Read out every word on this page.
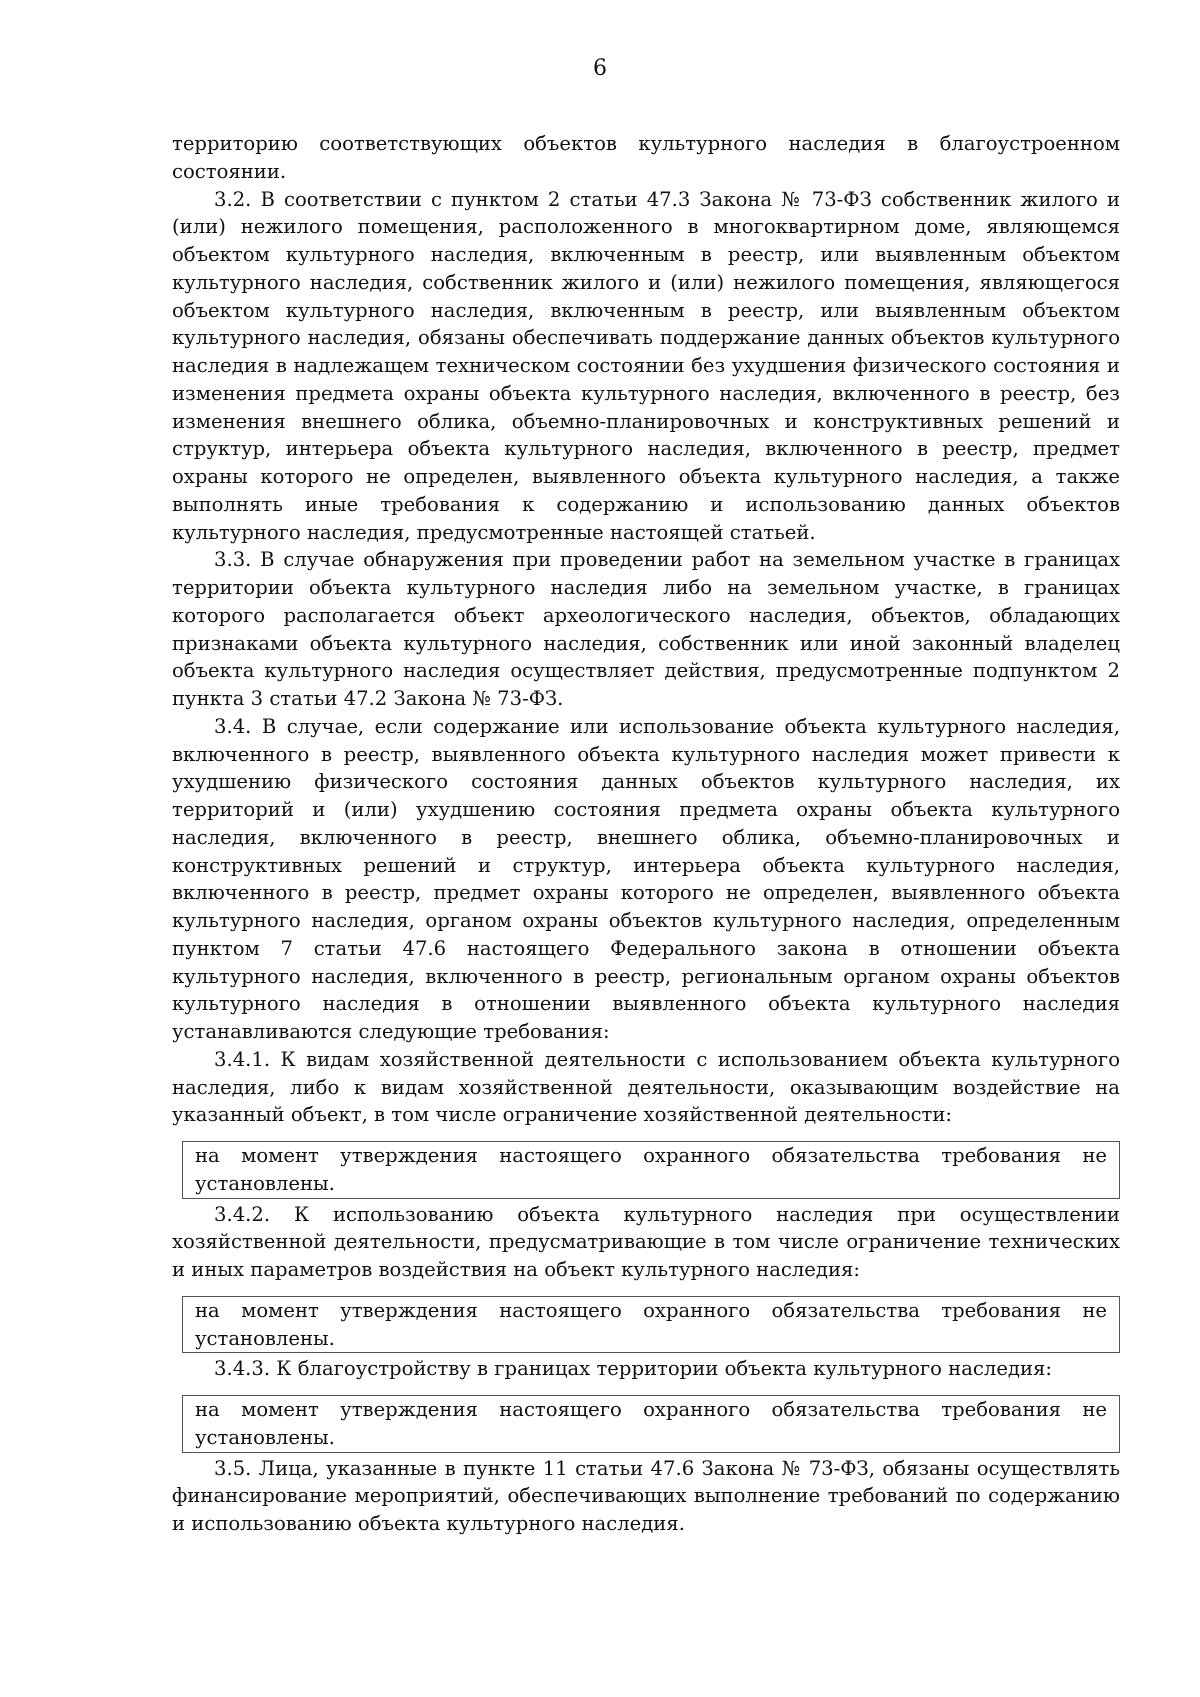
6

территорию соответствующих объектов культурного наследия в благоустроенном состоянии.

3.2. В соответствии с пунктом 2 статьи 47.3 Закона № 73-ФЗ собственник жилого и (или) нежилого помещения, расположенного в многоквартирном доме, являющемся объектом культурного наследия, включенным в реестр, или выявленным объектом культурного наследия, собственник жилого и (или) нежилого помещения, являющегося объектом культурного наследия, включенным в реестр, или выявленным объектом культурного наследия, обязаны обеспечивать поддержание данных объектов культурного наследия в надлежащем техническом состоянии без ухудшения физического состояния и изменения предмета охраны объекта культурного наследия, включенного в реестр, без изменения внешнего облика, объемно-планировочных и конструктивных решений и структур, интерьера объекта культурного наследия, включенного в реестр, предмет охраны которого не определен, выявленного объекта культурного наследия, а также выполнять иные требования к содержанию и использованию данных объектов культурного наследия, предусмотренные настоящей статьей.

3.3. В случае обнаружения при проведении работ на земельном участке в границах территории объекта культурного наследия либо на земельном участке, в границах которого располагается объект археологического наследия, объектов, обладающих признаками объекта культурного наследия, собственник или иной законный владелец объекта культурного наследия осуществляет действия, предусмотренные подпунктом 2 пункта 3 статьи 47.2 Закона № 73-ФЗ.

3.4. В случае, если содержание или использование объекта культурного наследия, включенного в реестр, выявленного объекта культурного наследия может привести к ухудшению физического состояния данных объектов культурного наследия, их территорий и (или) ухудшению состояния предмета охраны объекта культурного наследия, включенного в реестр, внешнего облика, объемно-планировочных и конструктивных решений и структур, интерьера объекта культурного наследия, включенного в реестр, предмет охраны которого не определен, выявленного объекта культурного наследия, органом охраны объектов культурного наследия, определенным пунктом 7 статьи 47.6 настоящего Федерального закона в отношении объекта культурного наследия, включенного в реестр, региональным органом охраны объектов культурного наследия в отношении выявленного объекта культурного наследия устанавливаются следующие требования:

3.4.1. К видам хозяйственной деятельности с использованием объекта культурного наследия, либо к видам хозяйственной деятельности, оказывающим воздействие на указанный объект, в том числе ограничение хозяйственной деятельности:

на момент утверждения настоящего охранного обязательства требования не установлены.

3.4.2. К использованию объекта культурного наследия при осуществлении хозяйственной деятельности, предусматривающие в том числе ограничение технических и иных параметров воздействия на объект культурного наследия:

на момент утверждения настоящего охранного обязательства требования не установлены.

3.4.3. К благоустройству в границах территории объекта культурного наследия:

на момент утверждения настоящего охранного обязательства требования не установлены.

3.5. Лица, указанные в пункте 11 статьи 47.6 Закона № 73-ФЗ, обязаны осуществлять финансирование мероприятий, обеспечивающих выполнение требований по содержанию и использованию объекта культурного наследия.
